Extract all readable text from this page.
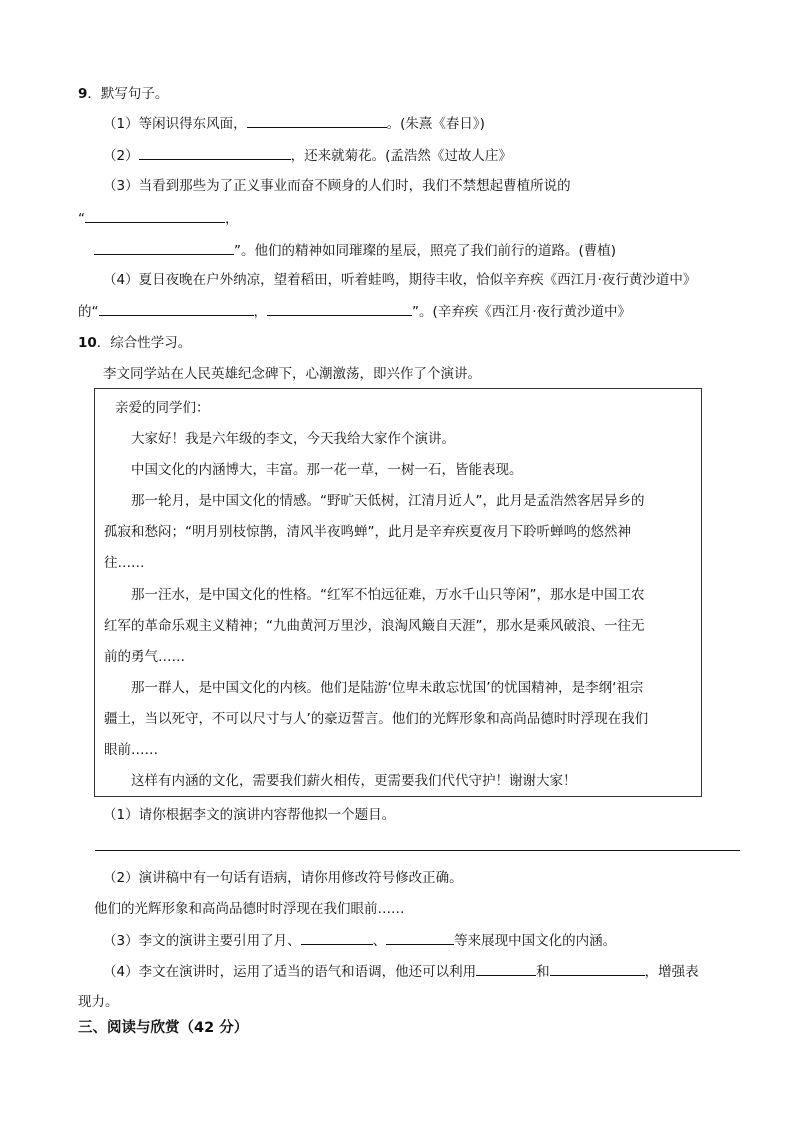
9．默写句子。
（1）等闲识得东风面，	。(朱熹《春日》)
（2）	，还来就菊花。(孟浩然《过故人庄》
（3）当看到那些为了正义事业而奋不顾身的人们时，我们不禁想起曹植所说的
“	，
”。他们的精神如同璀璨的星辰，照亮了我们前行的道路。(曹植)
（4）夏日夜晚在户外纳凉，望着稻田，听着蛙鸣，期待丰收，恰似辛弃疾《西江月·夜行黄沙道中》
的“	，	”。(辛弃疾《西江月·夜行黄沙道中》
10．综合性学习。
李文同学站在人民英雄纪念碑下，心潮激荡，即兴作了个演讲。
亲爱的同学们：
大家好！我是六年级的李文，今天我给大家作个演讲。
中国文化的内涵博大，丰富。那一花一草，一树一石，皆能表现。
那一轮月，是中国文化的情感。“野旷天低树，江清月近人”，此月是孟浩然客居异乡的
孤寂和愁闷；“明月别枝惊鹊，清风半夜鸣蝉”，此月是辛弃疾夏夜月下聆听蝉鸣的悠然神
往……
那一汪水，是中国文化的性格。“红军不怕远征难，万水千山只等闲”，那水是中国工农
红军的革命乐观主义精神；“九曲黄河万里沙，浪淘风簸自天涯”，那水是乘风破浪、一往无
前的勇气……
那一群人，是中国文化的内核。他们是陆游‘位卑未敢忘忧国’的忧国精神，是李纲‘祖宗
疆土，当以死守，不可以尺寸与人’的豪迈誓言。他们的光辉形象和高尚品德时时浮现在我们
眼前……
这样有内涵的文化，需要我们薪火相传，更需要我们代代守护！谢谢大家！
（1）请你根据李文的演讲内容帮他拟一个题目。
（2）演讲稿中有一句话有语病，请你用修改符号修改正确。
他们的光辉形象和高尚品德时时浮现在我们眼前……
（3）李文的演讲主要引用了月、	、	等来展现中国文化的内涵。
（4）李文在演讲时，运用了适当的语气和语调，他还可以利用	和	，增强表
现力。
三、阅读与欣赏（42 分）
